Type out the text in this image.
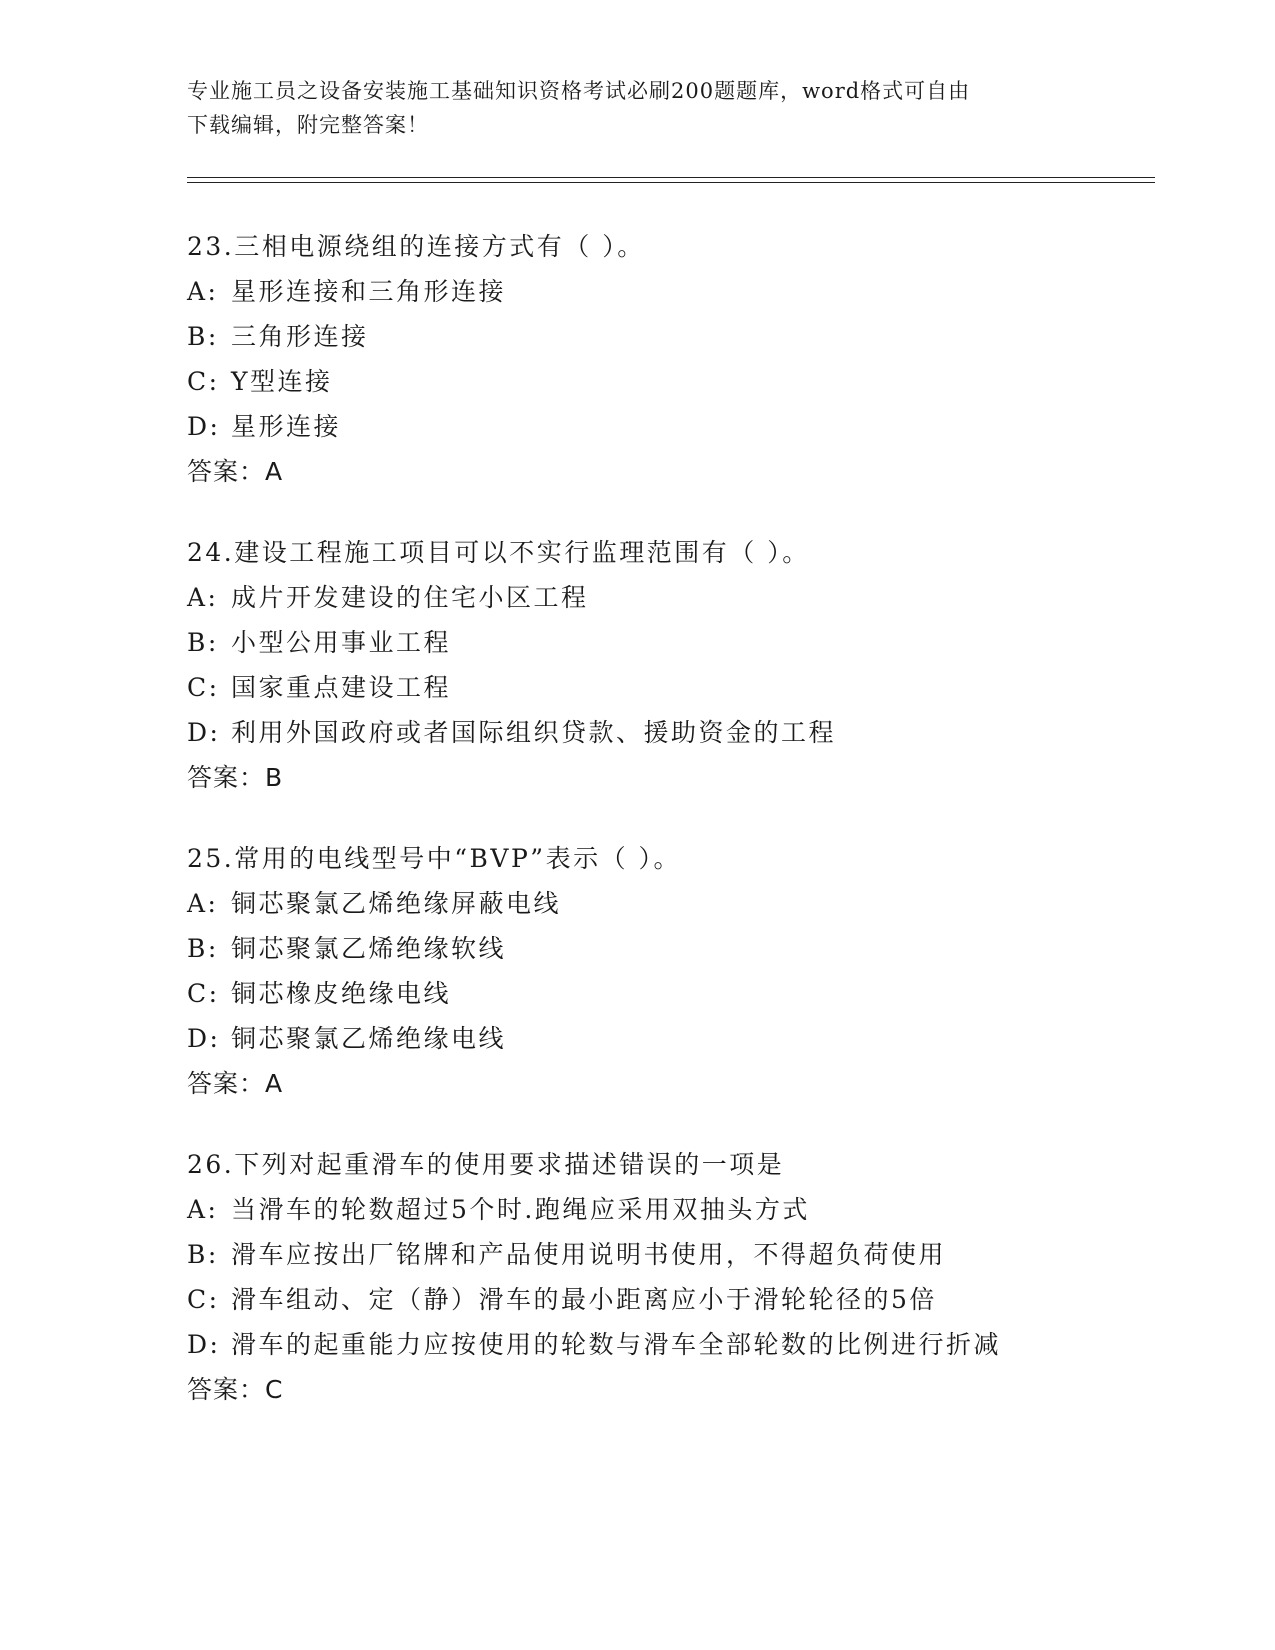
专业施工员之设备安装施工基础知识资格考试必刷200题题库，word格式可自由
下载编辑，附完整答案！
23.三相电源绕组的连接方式有（ ）。
A: 星形连接和三角形连接
B: 三角形连接
C: Y型连接
D: 星形连接
答案：A
24.建设工程施工项目可以不实行监理范围有（ ）。
A: 成片开发建设的住宅小区工程
B: 小型公用事业工程
C: 国家重点建设工程
D: 利用外国政府或者国际组织贷款、援助资金的工程
答案：B
25.常用的电线型号中“BVP”表示（ ）。
A: 铜芯聚氯乙烯绝缘屏蔽电线
B: 铜芯聚氯乙烯绝缘软线
C: 铜芯橡皮绝缘电线
D: 铜芯聚氯乙烯绝缘电线
答案：A
26.下列对起重滑车的使用要求描述错误的一项是
A: 当滑车的轮数超过5个时.跑绳应采用双抽头方式
B: 滑车应按出厂铭牌和产品使用说明书使用，不得超负荷使用
C: 滑车组动、定（静）滑车的最小距离应小于滑轮轮径的5倍
D: 滑车的起重能力应按使用的轮数与滑车全部轮数的比例进行折减
答案：C
